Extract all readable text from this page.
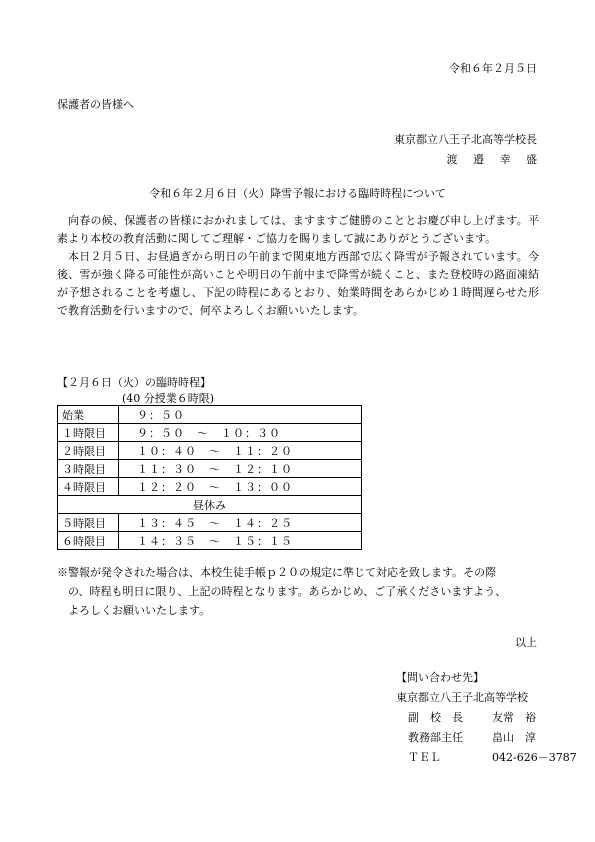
令和６年２月５日
保護者の皆様へ
東京都立八王子北高等学校長
渡 邉 幸 盛
令和６年２月６日（火）降雪予報における臨時時程について

向春の候、保護者の皆様におかれましては、ますますご健勝のこととお慶び申し上げます。平素より本校の教育活動に関してご理解・ご協力を賜りまして誠にありがとうございます。

本日２月５日、お昼過ぎから明日の午前まで関東地方西部で広く降雪が予報されています。今後、雪が強く降る可能性が高いことや明日の午前中まで降雪が続くこと、また登校時の路面凍結が予想されることを考慮し、下記の時程にあるとおり、始業時間をあらかじめ１時間遅らせた形で教育活動を行いますので、何卒よろしくお願いいたします。

【２月６日（火）の臨時時程】
(40 分授業６時限)
始業	９：５０
１時限目	９：５０　～　１０：３０
２時限目	１０：４０　～　１１：２０
３時限目	１１：３０　～　１２：１０
４時限目	１２：２０　～　１３：００
昼休み	
５時限目	１３：４５　～　１４：２５
６時限目	１４：３５　～　１５：１５

※警報が発令された場合は、本校生徒手帳ｐ２０の規定に準じて対応を致します。その際

の、時程も明日に限り、上記の時程となります。あらかじめ、ご了承くださいますよう、

よろしくお願いいたします。

以上
【問い合わせ先】
東京都立八王子北高等学校
副　校　長	友常　裕
教務部主任	畠山　淳
ＴＥＬ	042-626－3787
